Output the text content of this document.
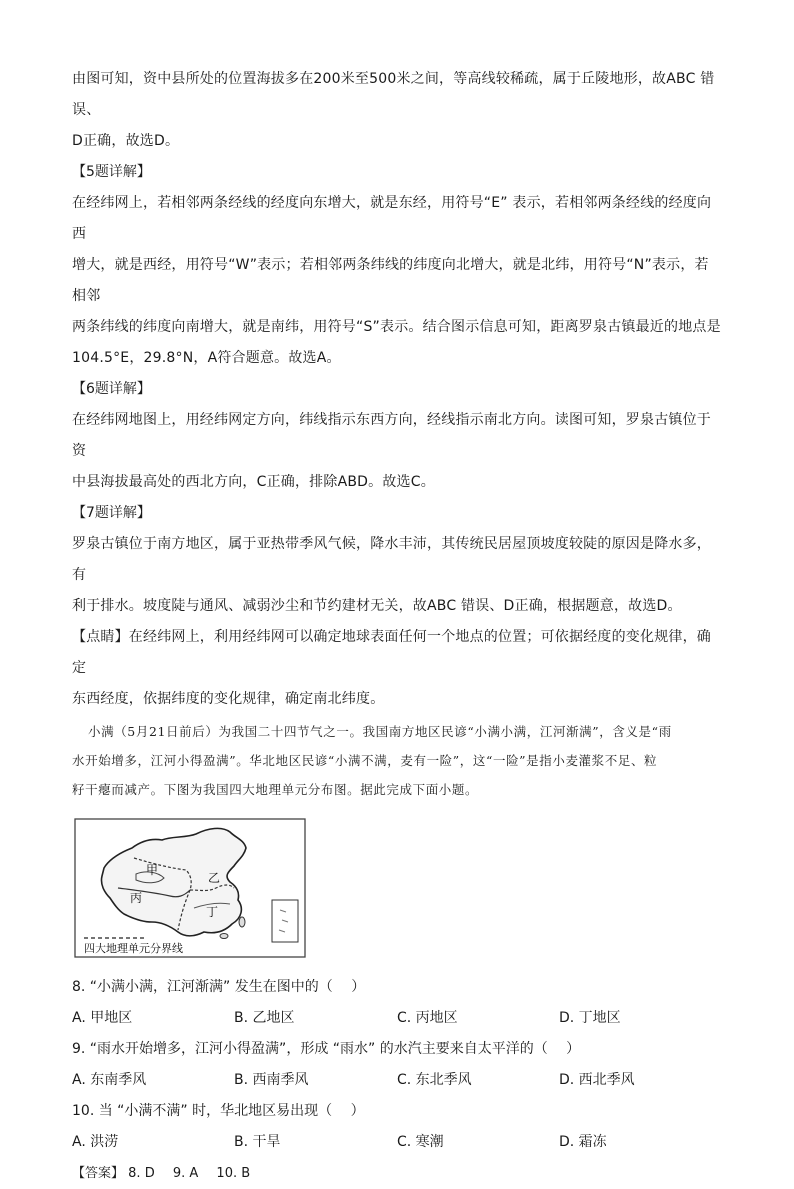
由图可知，资中县所处的位置海拔多在200米至500米之间，等高线较稀疏，属于丘陵地形，故ABC 错误、

D正确，故选D。

【5题详解】

在经纬网上，若相邻两条经线的经度向东增大，就是东经，用符号“E” 表示，若相邻两条经线的经度向西

增大，就是西经，用符号“W”表示；若相邻两条纬线的纬度向北增大，就是北纬，用符号“N”表示，若相邻

两条纬线的纬度向南增大，就是南纬，用符号“S”表示。结合图示信息可知，距离罗泉古镇最近的地点是

104.5°E，29.8°N，A符合题意。故选A。

【6题详解】

在经纬网地图上，用经纬网定方向，纬线指示东西方向，经线指示南北方向。读图可知，罗泉古镇位于资

中县海拔最高处的西北方向，C正确，排除ABD。故选C。

【7题详解】

罗泉古镇位于南方地区，属于亚热带季风气候，降水丰沛，其传统民居屋顶坡度较陡的原因是降水多，有

利于排水。坡度陡与通风、减弱沙尘和节约建材无关，故ABC 错误、D正确，根据题意，故选D。

【点睛】在经纬网上，利用经纬网可以确定地球表面任何一个地点的位置；可依据经度的变化规律，确定

东西经度，依据纬度的变化规律，确定南北纬度。

小满（5月21日前后）为我国二十四节气之一。我国南方地区民谚“小满小满，江河渐满”，含义是“雨
水开始增多，江河小得盈满”。华北地区民谚“小满不满，麦有一险”，这“一险”是指小麦灌浆不足、粒
籽干瘪而减产。下图为我国四大地理单元分布图。据此完成下面小题。
甲
乙
丙
丁
四大地理单元分界线

8. “小满小满，江河渐满” 发生在图中的（　 ）

A. 甲地区	B. 乙地区	C. 丙地区	D. 丁地区

9. “雨水开始增多，江河小得盈满”，形成 “雨水” 的水汽主要来自太平洋的（　 ）

A. 东南季风	B. 西南季风	C. 东北季风	D. 西北季风

10. 当 “小满不满” 时，华北地区易出现（　 ）

A. 洪涝	B. 干旱	C. 寒潮	D. 霜冻

【答案】 8. D 9. A 10. B
